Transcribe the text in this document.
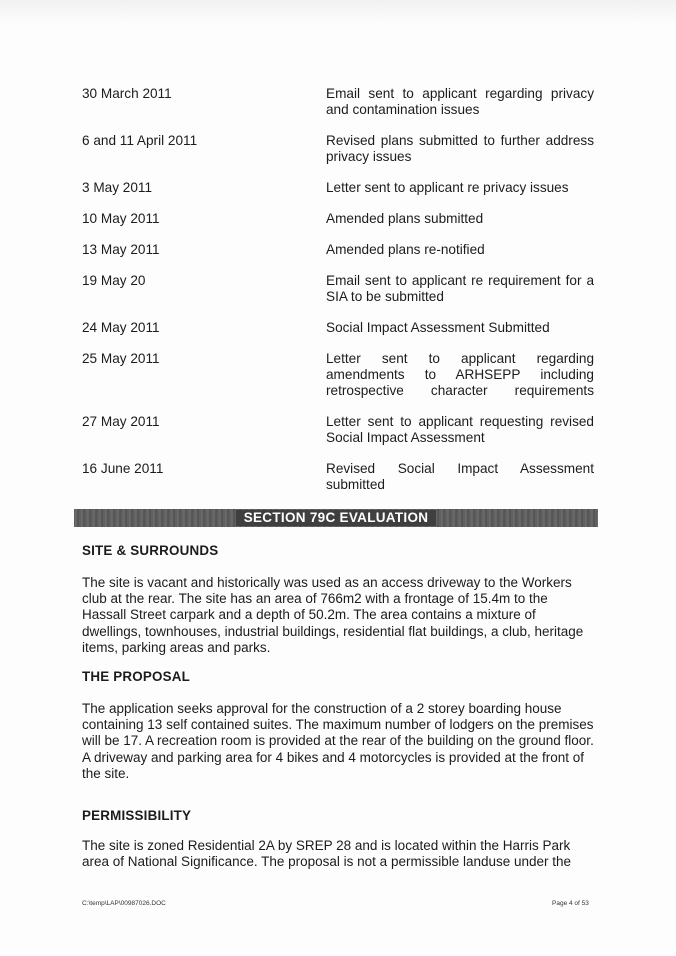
30 March 2011	Email sent to applicant regarding privacy and contamination issues
6 and 11 April 2011	Revised plans submitted to further address privacy issues
3 May 2011	Letter sent to applicant re privacy issues
10 May 2011	Amended plans submitted
13 May 2011	Amended plans re-notified
19 May 20	Email sent to applicant re requirement for a SIA to be submitted
24 May 2011	Social Impact Assessment Submitted
25 May 2011	Letter sent to applicant regarding amendments to ARHSEPP including retrospective character requirements
27 May 2011	Letter sent to applicant requesting revised Social Impact Assessment
16 June 2011	Revised Social Impact Assessment submitted
SECTION 79C EVALUATION
SITE & SURROUNDS
The site is vacant and historically was used as an access driveway to the Workers club at the rear. The site has an area of 766m2 with a frontage of 15.4m to the Hassall Street carpark and a depth of 50.2m. The area contains a mixture of dwellings, townhouses, industrial buildings, residential flat buildings, a club, heritage items, parking areas and parks.
THE PROPOSAL
The application seeks approval for the construction of a 2 storey boarding house containing 13 self contained suites. The maximum number of lodgers on the premises will be 17. A recreation room is provided at the rear of the building on the ground floor. A driveway and parking area for 4 bikes and 4 motorcycles is provided at the front of the site.
PERMISSIBILITY
The site is zoned Residential 2A by SREP 28 and is located within the Harris Park area of National Significance. The proposal is not a permissible landuse under the
C:\temp\LAP\00987026.DOC	Page 4 of 53
